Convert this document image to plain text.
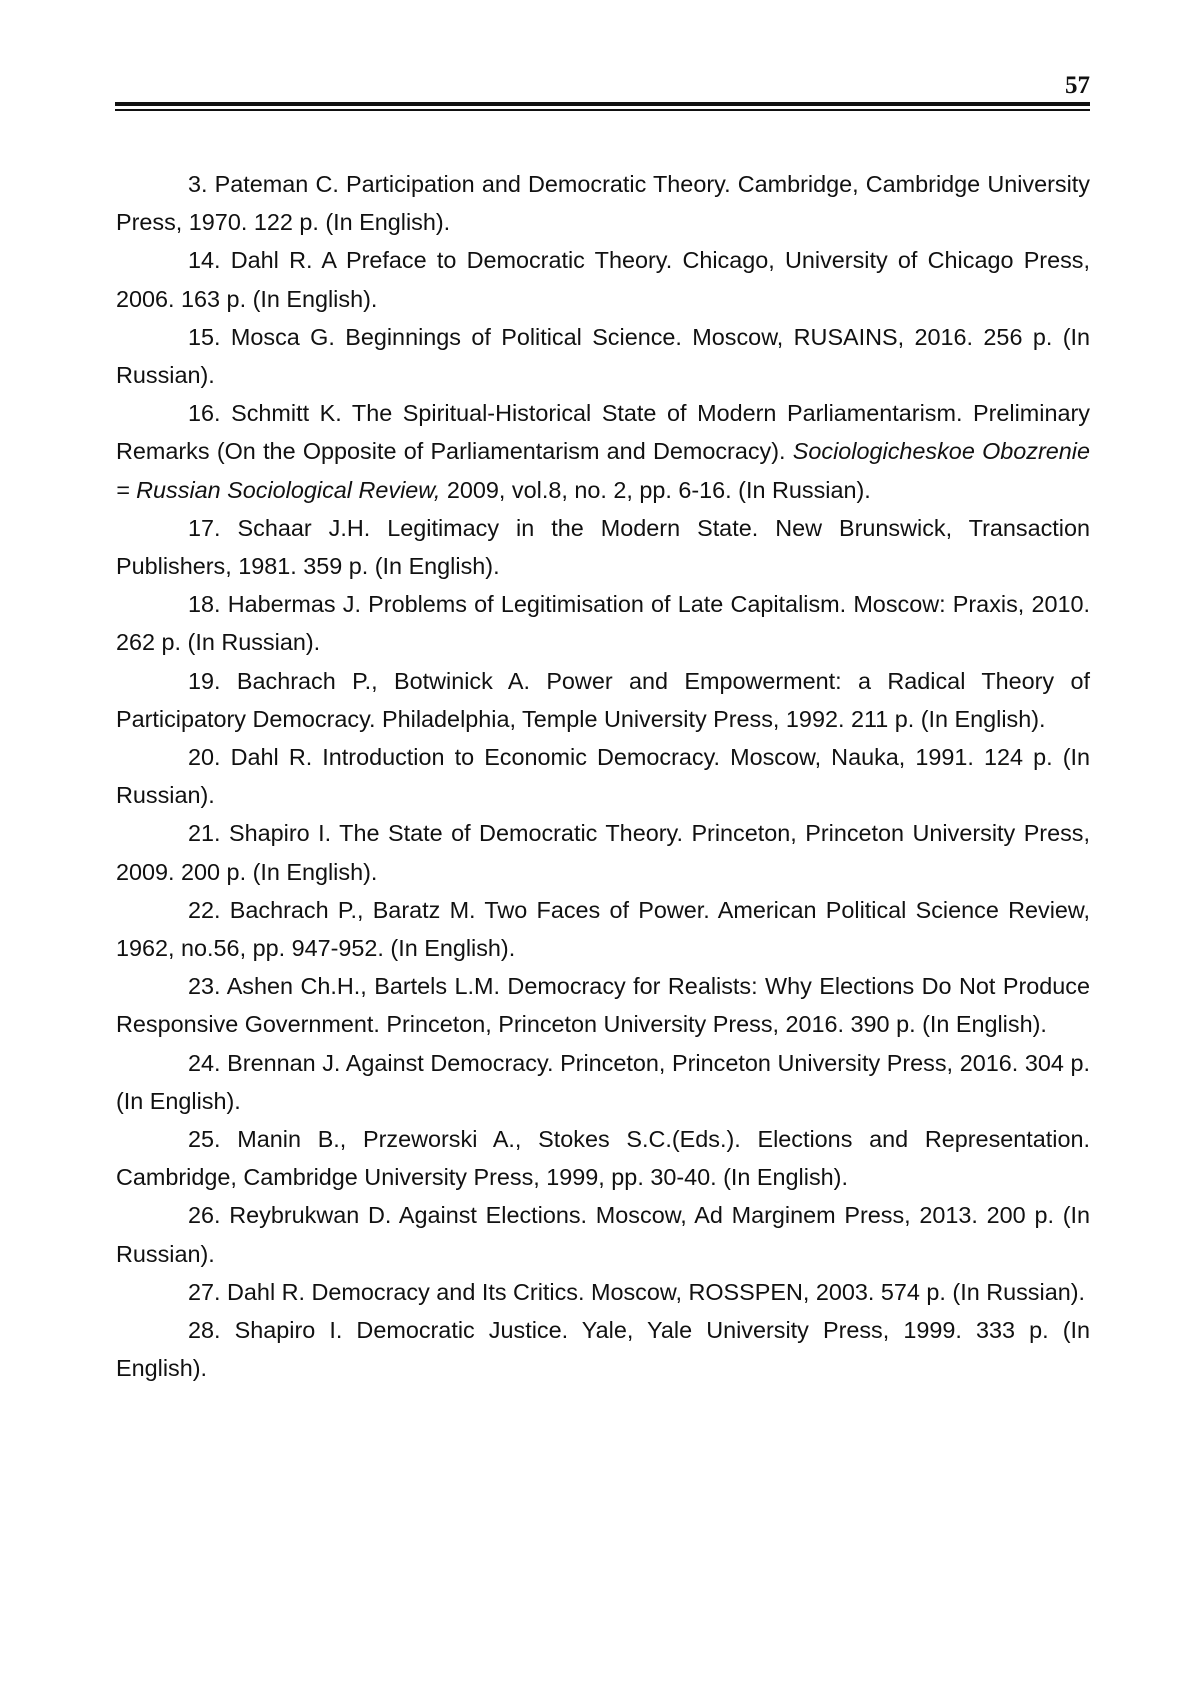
57

3. Pateman C. Participation and Democratic Theory. Cambridge, Cambridge University Press, 1970. 122 p. (In English).

14. Dahl R. A Preface to Democratic Theory. Chicago, University of Chicago Press, 2006. 163 p. (In English).

15. Mosca G. Beginnings of Political Science. Moscow, RUSAINS, 2016. 256 p. (In Russian).

16. Schmitt K. The Spiritual-Historical State of Modern Parliamentarism. Preliminary Remarks (On the Opposite of Parliamentarism and Democracy). Sociologicheskoe Obozrenie = Russian Sociological Review, 2009, vol.8, no. 2, pp. 6-16. (In Russian).

17. Schaar J.H. Legitimacy in the Modern State. New Brunswick, Transaction Publishers, 1981. 359 p. (In English).

18. Habermas J. Problems of Legitimisation of Late Capitalism. Moscow: Praxis, 2010. 262 p. (In Russian).

19. Bachrach P., Botwinick A. Power and Empowerment: a Radical Theory of Participatory Democracy. Philadelphia, Temple University Press, 1992. 211 p. (In English).

20. Dahl R. Introduction to Economic Democracy. Moscow, Nauka, 1991. 124 p. (In Russian).

21. Shapiro I. The State of Democratic Theory. Princeton, Princeton University Press, 2009. 200 p. (In English).

22. Bachrach P., Baratz M. Two Faces of Power. American Political Science Review, 1962, no.56, pp. 947-952. (In English).

23. Ashen Ch.H., Bartels L.M. Democracy for Realists: Why Elections Do Not Produce Responsive Government. Princeton, Princeton University Press, 2016. 390 p. (In English).

24. Brennan J. Against Democracy. Princeton, Princeton University Press, 2016. 304 p. (In English).

25. Manin B., Przeworski A., Stokes S.C.(Eds.). Elections and Representation. Cambridge, Cambridge University Press, 1999, pp. 30-40. (In English).

26. Reybrukwan D. Against Elections. Moscow, Ad Marginem Press, 2013. 200 p. (In Russian).

27. Dahl R. Democracy and Its Critics. Moscow, ROSSPEN, 2003. 574 p. (In Russian).

28. Shapiro I. Democratic Justice. Yale, Yale University Press, 1999. 333 p. (In English).
